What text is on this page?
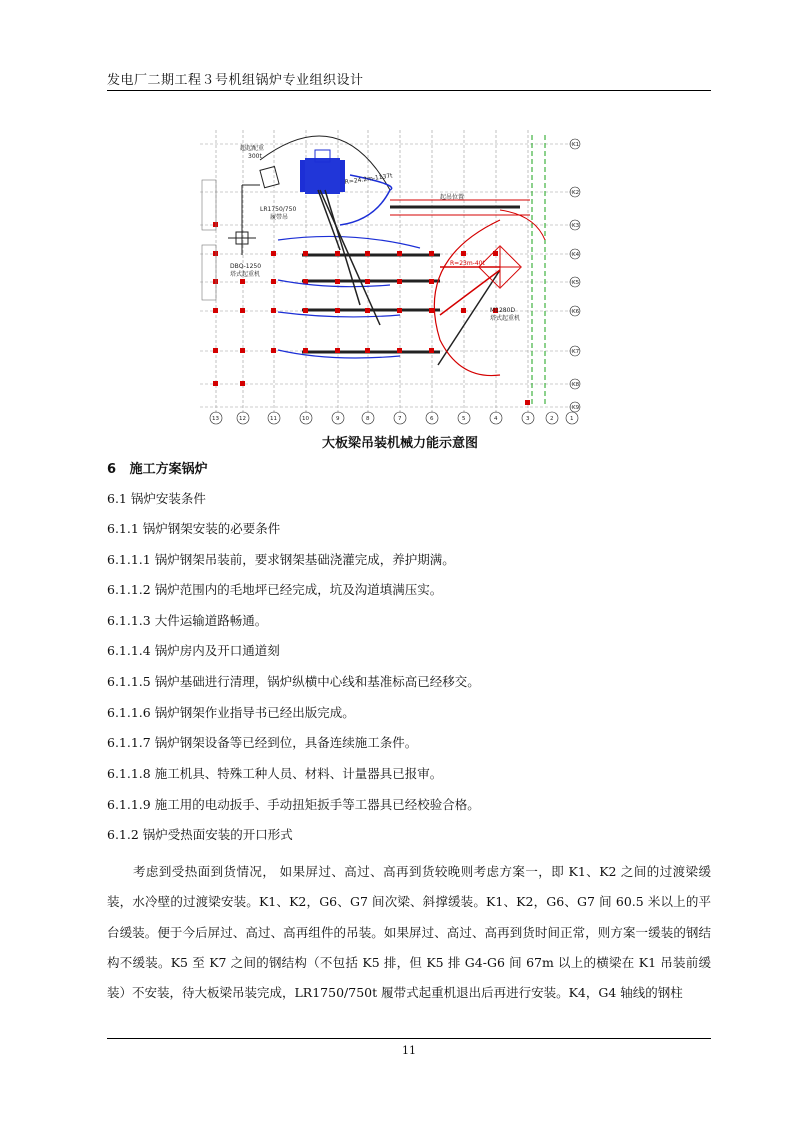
发电厂二期工程３号机组锅炉专业组织设计
超起配重
300t
LR1750/750
履带吊
DBQ-1250
塔式起重机
M1280D
塔式起重机
R=24.2m-1137t
R=23m-40t
起吊位置
K1
K2
K3
K4
K5
K6
K7
K8
K9
13	12	11	10	9	8	7	6	5	4	3	2	1
大板梁吊装机械力能示意图
6 施工方案锅炉
6.1 锅炉安装条件
6.1.1 锅炉钢架安装的必要条件
6.1.1.1 锅炉钢架吊装前，要求钢架基础浇灌完成，养护期满。
6.1.1.2 锅炉范围内的毛地坪已经完成，坑及沟道填满压实。
6.1.1.3 大件运输道路畅通。
6.1.1.4 锅炉房内及开口通道刻
6.1.1.5 锅炉基础进行清理，锅炉纵横中心线和基准标高已经移交。
6.1.1.6 锅炉钢架作业指导书已经出版完成。
6.1.1.7 锅炉钢架设备等已经到位，具备连续施工条件。
6.1.1.8 施工机具、特殊工种人员、材料、计量器具已报审。
6.1.1.9 施工用的电动扳手、手动扭矩扳手等工器具已经校验合格。
6.1.2 锅炉受热面安装的开口形式
考虑到受热面到货情况， 如果屏过、高过、高再到货较晚则考虑方案一，即 K1、K2 之间的过渡梁缓装，水冷壁的过渡梁安装。K1、K2，G6、G7 间次梁、斜撑缓装。K1、K2，G6、G7 间 60.5 米以上的平台缓装。便于今后屏过、高过、高再组件的吊装。如果屏过、高过、高再到货时间正常，则方案一缓装的钢结构不缓装。K5 至 K7 之间的钢结构（不包括 K5 排，但 K5 排 G4-G6 间 67m 以上的横梁在 K1 吊装前缓装）不安装，待大板梁吊装完成，LR1750/750t 履带式起重机退出后再进行安装。K4，G4 轴线的钢柱
11
